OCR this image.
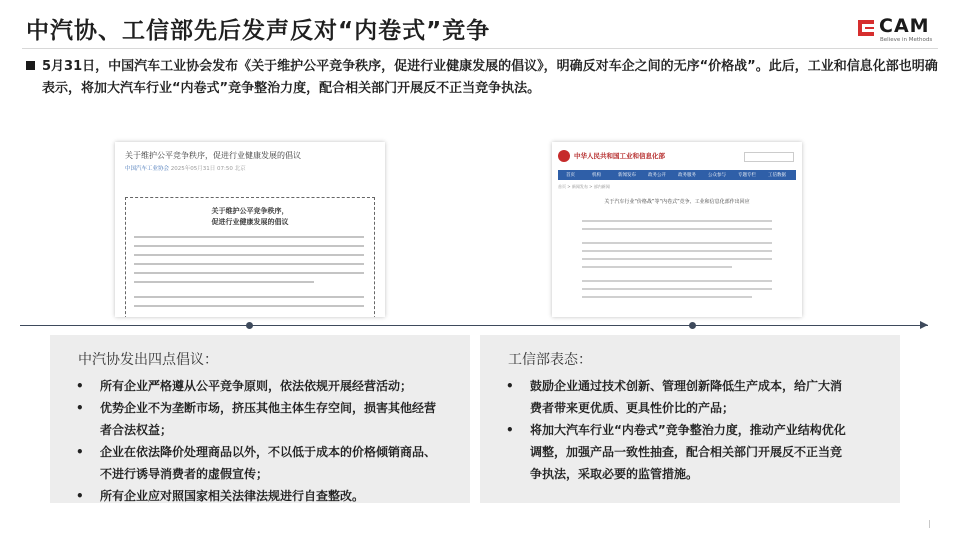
中汽协、工信部先后发声反对“内卷式”竞争	CAM
Believe in Methods
5月31日，中国汽车工业协会发布《关于维护公平竞争秩序，促进行业健康发展的倡议》，明确反对车企之间的无序“价格战”。此后，工业和信息化部也明确表示，将加大汽车行业“内卷式”竞争整治力度，配合相关部门开展反不正当竞争执法。
关于维护公平竞争秩序，促进行业健康发展的倡议
中国汽车工业协会 2025年05月31日 07:50 北京
关于维护公平竞争秩序，
促进行业健康发展的倡议
中华人民共和国工业和信息化部
首页	机构	新闻发布	政务公开	政务服务	公众参与	专题专栏	工信数据
首页 > 新闻发布 > 部内新闻
关于汽车行业“价格战”等“内卷式”竞争、工业和信息化部作出回应
中汽协发出四点倡议：
• 所有企业严格遵从公平竞争原则，依法依规开展经营活动；
• 优势企业不为垄断市场，挤压其他主体生存空间，损害其他经营者合法权益；
• 企业在依法降价处理商品以外，不以低于成本的价格倾销商品、不进行诱导消费者的虚假宣传；
• 所有企业应对照国家相关法律法规进行自查整改。
工信部表态：
• 鼓励企业通过技术创新、管理创新降低生产成本，给广大消费者带来更优质、更具性价比的产品；
• 将加大汽车行业“内卷式”竞争整治力度，推动产业结构优化调整，加强产品一致性抽查，配合相关部门开展反不正当竞争执法，采取必要的监管措施。
